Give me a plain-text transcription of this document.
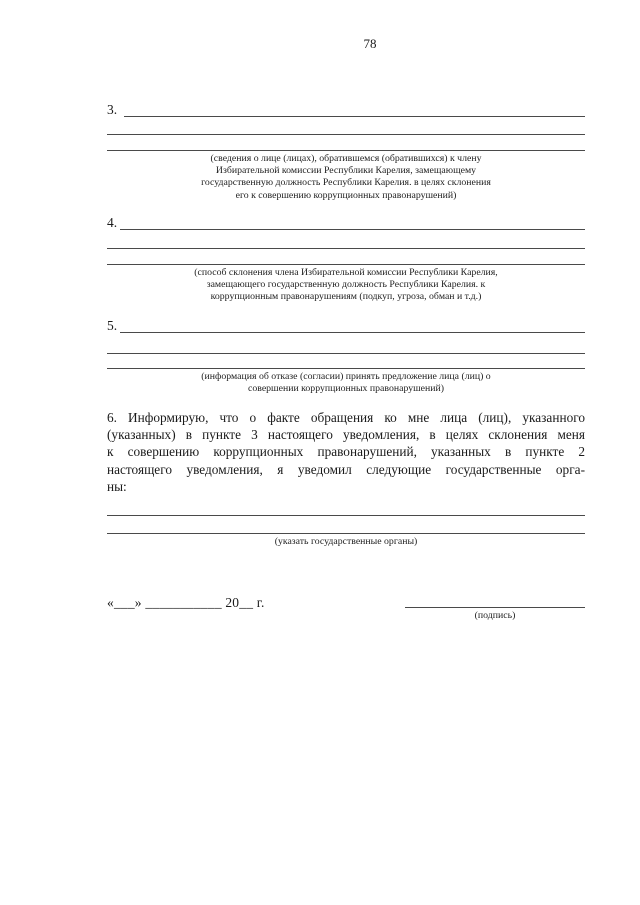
78
3.
(сведения о лице (лицах), обратившемся (обратившихся) к члену
Избирательной комиссии Республики Карелия, замещающему
государственную должность Республики Карелия. в целях склонения
его к совершению коррупционных правонарушений)
4.
(способ склонения члена Избирательной комиссии Республики Карелия,
замещающего государственную должность Республики Карелия. к
коррупционным правонарушениям (подкуп, угроза, обман и т.д.)
5.
(информация об отказе (согласии) принять предложение лица (лиц) о
совершении коррупционных правонарушений)
6. Информирую, что о факте обращения ко мне лица (лиц), указанного
(указанных) в пункте 3 настоящего уведомления, в целях склонения меня
к совершению коррупционных правонарушений, указанных в пункте 2
настоящего уведомления, я уведомил следующие государственные орга-
ны:
(указать государственные органы)
«___» ___________ 20__ г.
(подпись)
